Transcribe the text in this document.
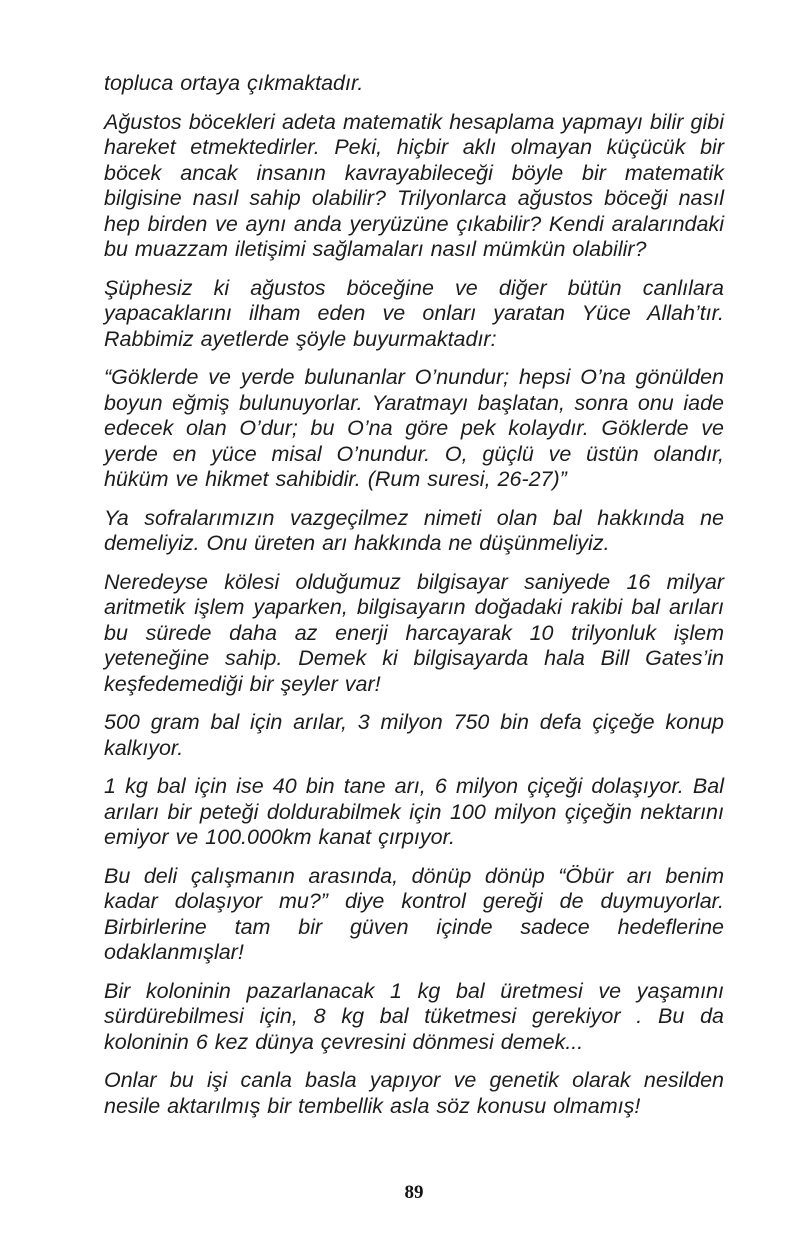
topluca ortaya çıkmaktadır.

Ağustos böcekleri adeta matematik hesaplama yapmayı bilir gibi hareket etmektedirler. Peki, hiçbir aklı olmayan küçücük bir böcek ancak insanın kavrayabileceği böyle bir matematik bilgisine nasıl sahip olabilir? Trilyonlarca ağustos böceği nasıl hep birden ve aynı anda yeryüzüne çıkabilir? Kendi aralarındaki bu muazzam iletişimi sağlamaları nasıl mümkün olabilir?

Şüphesiz ki ağustos böceğine ve diğer bütün canlılara yapacaklarını ilham eden ve onları yaratan Yüce Allah’tır. Rabbimiz ayetlerde şöyle buyurmaktadır:

“Göklerde ve yerde bulunanlar O’nundur; hepsi O’na gönülden boyun eğmiş bulunuyorlar. Yaratmayı başlatan, sonra onu iade edecek olan O’dur; bu O’na göre pek kolaydır. Göklerde ve yerde en yüce misal O’nundur. O, güçlü ve üstün olandır, hüküm ve hikmet sahibidir. (Rum suresi, 26-27)”

Ya sofralarımızın vazgeçilmez nimeti olan bal hakkında ne demeliyiz. Onu üreten arı hakkında ne düşünmeliyiz.

Neredeyse kölesi olduğumuz bilgisayar saniyede 16 milyar aritmetik işlem yaparken, bilgisayarın doğadaki rakibi bal arıları bu sürede daha az enerji harcayarak 10 trilyonluk işlem yeteneğine sahip. Demek ki bilgisayarda hala Bill Gates’in keşfedemediği bir şeyler var!

500 gram bal için arılar, 3 milyon 750 bin defa çiçeğe konup kalkıyor.

1 kg bal için ise 40 bin tane arı, 6 milyon çiçeği dolaşıyor. Bal arıları bir peteği doldurabilmek için 100 milyon çiçeğin nektarını emiyor ve 100.000km kanat çırpıyor.

Bu deli çalışmanın arasında, dönüp dönüp “Öbür arı benim kadar dolaşıyor mu?” diye kontrol gereği de duymuyorlar. Birbirlerine tam bir güven içinde sadece hedeflerine odaklanmışlar!

Bir koloninin pazarlanacak 1 kg bal üretmesi ve yaşamını sürdürebilmesi için, 8 kg bal tüketmesi gerekiyor . Bu da koloninin 6 kez dünya çevresini dönmesi demek...

Onlar bu işi canla basla yapıyor ve genetik olarak nesilden nesile aktarılmış bir tembellik asla söz konusu olmamış!

89
